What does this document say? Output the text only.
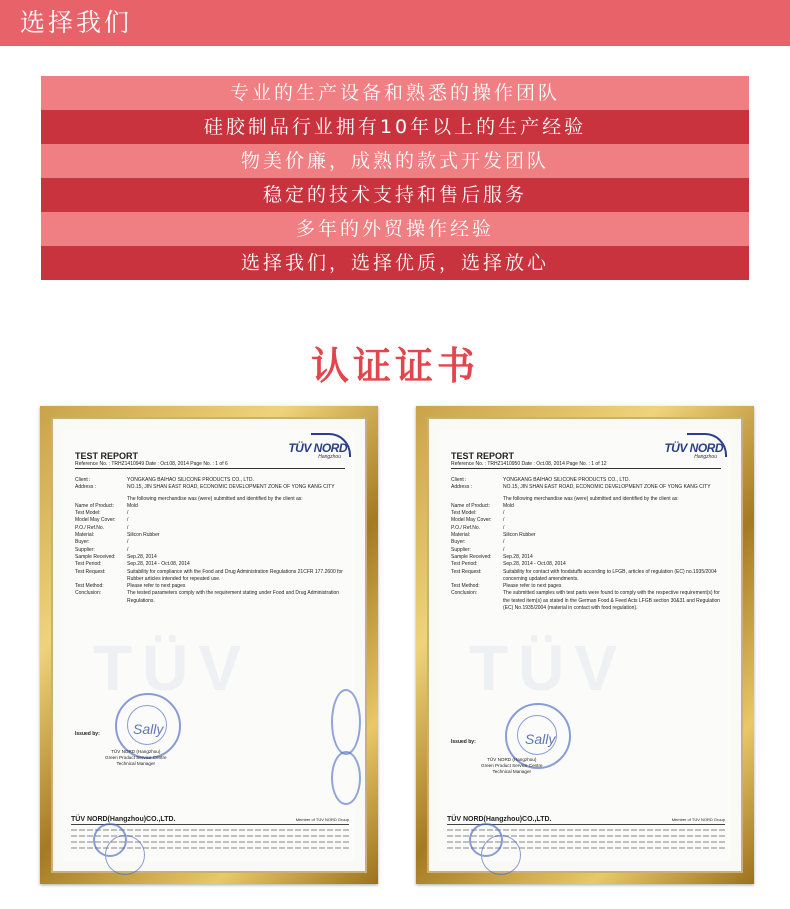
选择我们
专业的生产设备和熟悉的操作团队
硅胶制品行业拥有10年以上的生产经验
物美价廉，成熟的款式开发团队
稳定的技术支持和售后服务
多年的外贸操作经验
选择我们，选择优质，选择放心
认证证书
TÜV
TÜV NORD
Hangzhou
TEST REPORT
Reference No. : TRHZ1410949 Date : Oct.08, 2014 Page No. : 1 of 6
Client :	YONGKANG BAIHAO SILICONE PRODUCTS CO., LTD.
Address :	NO.15, JIN SHAN EAST ROAD, ECONOMIC DEVELOPMENT ZONE OF YONG KANG CITY
The following merchandise was (were) submitted and identified by the client as:
Name of Product:	Mold
Test Model:	/
Model May Cover:	/
P.O./ Ref.No.	/
Material:	Silicon Rubber
Buyer:	/
Supplier:	/
Sample Received:	Sep.28, 2014
Test Period:	Sep.28, 2014 - Oct.08, 2014
Test Request:	Suitability for compliance with the Food and Drug Administration Regulations 21CFR 177.2600 for Rubber articles intended for repeated use.
Test Method:	Please refer to next pages
Conclusion:	The tested parameters comply with the requirement stating under Food and Drug Administration Regulations.
Sally
Issued by:
TÜV NORD (Hangzhou)
Green Product Service Centre
Technical Manager
TÜV NORD(Hangzhou)CO.,LTD.	Member of TÜV NORD Group
TÜV
TÜV NORD
Hangzhou
TEST REPORT
Reference No. : TRHZ1410950 Date : Oct.08, 2014 Page No. : 1 of 12
Client :	YONGKANG BAIHAO SILICONE PRODUCTS CO., LTD.
Address :	NO.15, JIN SHAN EAST ROAD, ECONOMIC DEVELOPMENT ZONE OF YONG KANG CITY
The following merchandise was (were) submitted and identified by the client as:
Name of Product:	Mold
Test Model:	/
Model May Cover:	/
P.O./ Ref.No.	/
Material:	Silicon Rubber
Buyer:	/
Supplier:	/
Sample Received:	Sep.28, 2014
Test Period:	Sep.28, 2014 - Oct.08, 2014
Test Request:	Suitability for contact with foodstuffs according to LFGB, articles of regulation (EC) no.1935/2004 concerning updated amendments.
Test Method:	Please refer to next pages
Conclusion:	The submitted samples with test parts were found to comply with the respective requirement(s) for the tested item(s) as stated in the German Food & Feed Acts LFGB section 30&31 and Regulation (EC) No.1935/2004 (material in contact with food regulation).
Sally
Issued by:
TÜV NORD (Hangzhou)
Green Product Service Centre
Technical Manager
TÜV NORD(Hangzhou)CO.,LTD.	Member of TÜV NORD Group
